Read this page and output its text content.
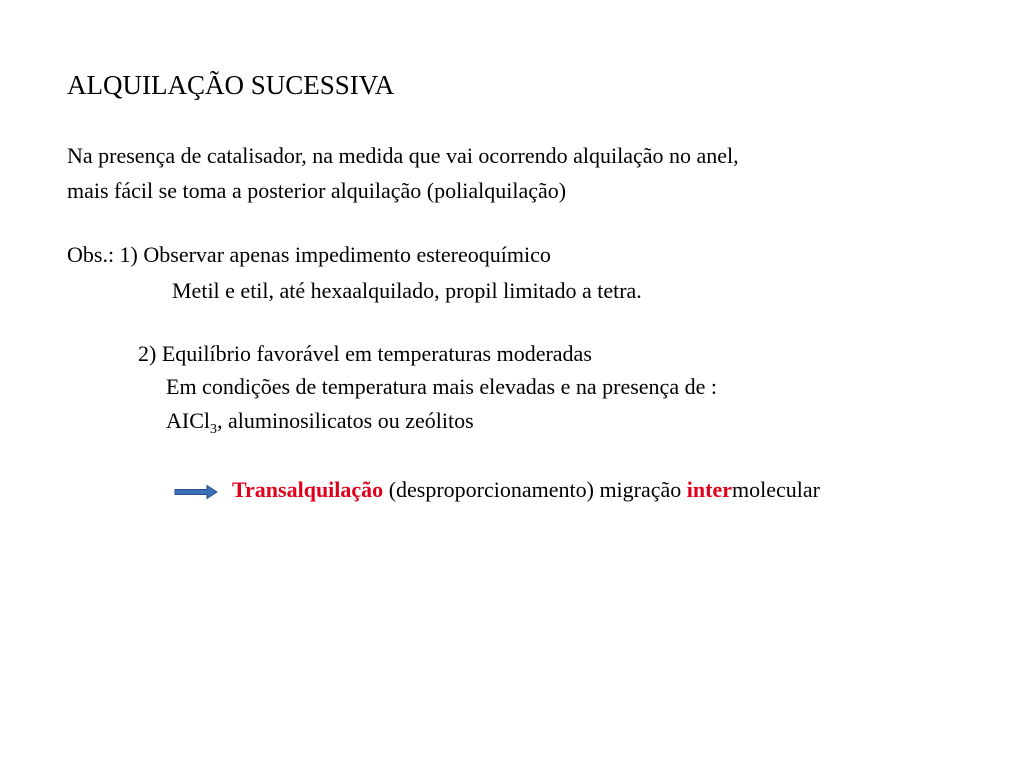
ALQUILAÇÃO SUCESSIVA
Na presença de catalisador, na medida que vai ocorrendo alquilação no anel,
mais fácil se toma a posterior alquilação (polialquilação)
Obs.: 1) Observar apenas impedimento estereoquímico
Metil e etil, até hexaalquilado, propil limitado a tetra.
2) Equilíbrio favorável em temperaturas moderadas
Em condições de temperatura mais elevadas e na presença de :
AICl$_3$, aluminosilicatos ou zeólitos
Transalquilação (desproporcionamento) migração intermolecular
